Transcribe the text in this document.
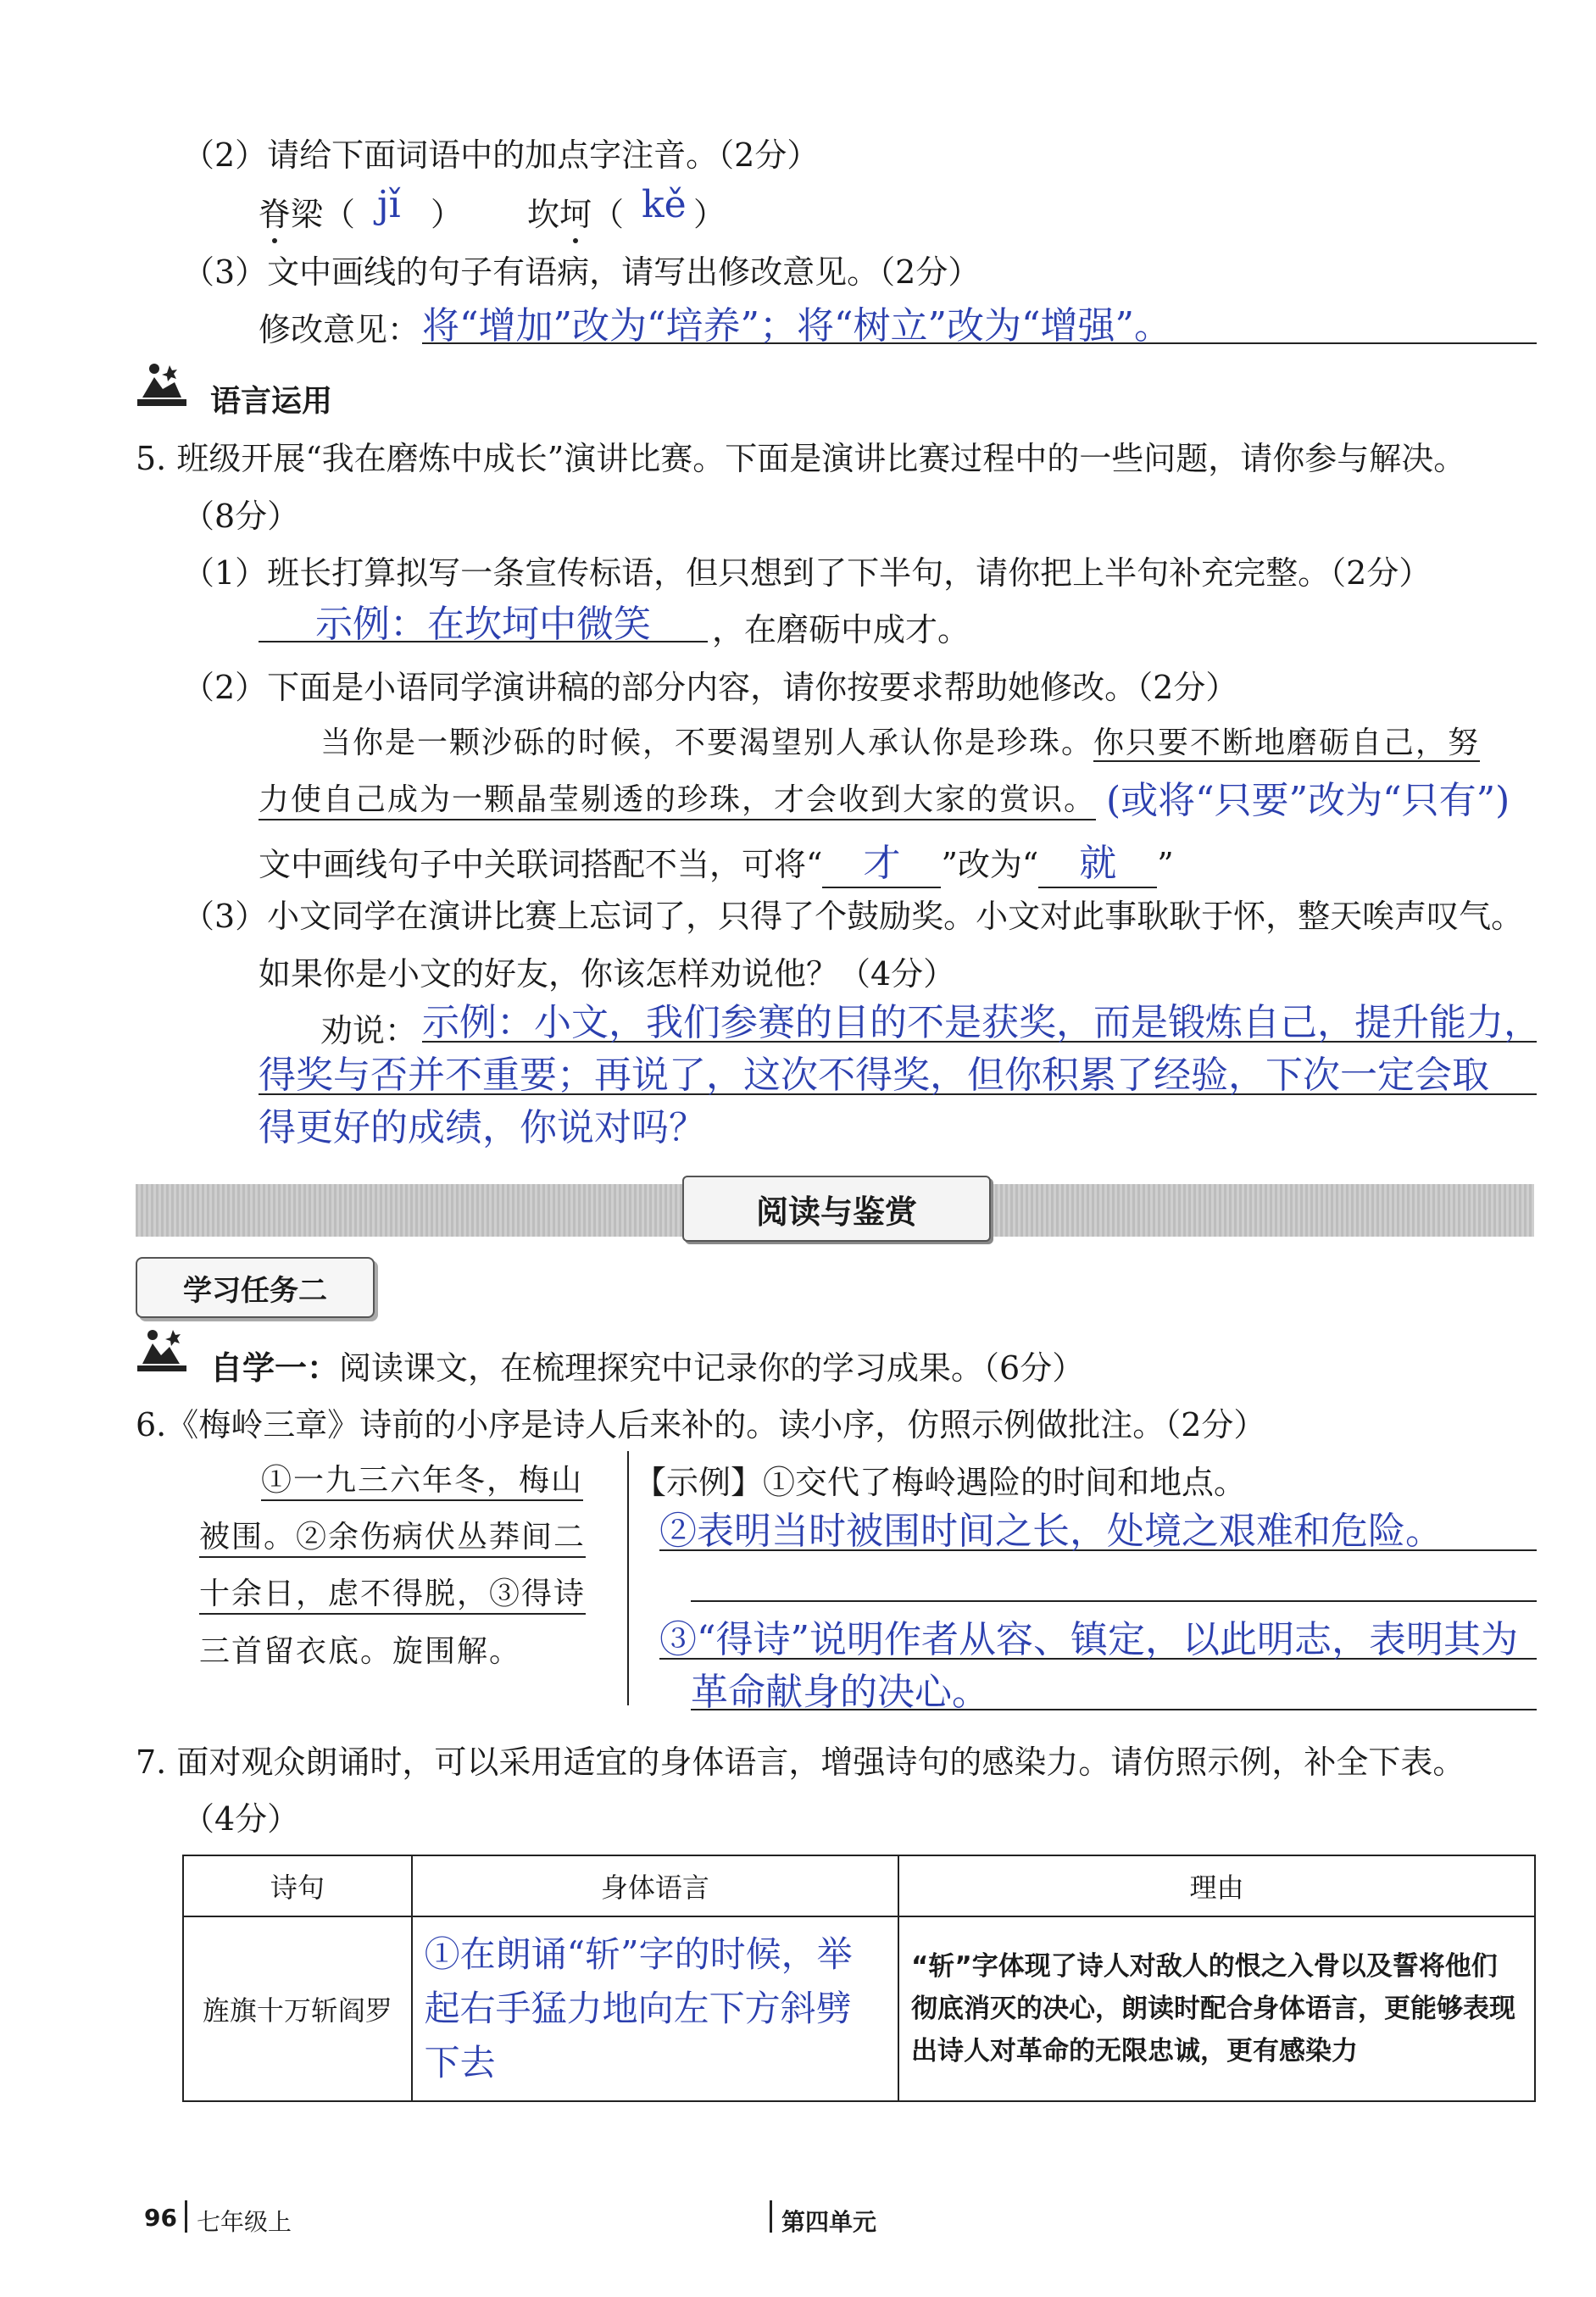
（2）请给下面词语中的加点字注音。（2分）
脊梁（ jǐ ） 坎坷（ kě ）
（3）文中画线的句子有语病，请写出修改意见。（2分）
修改意见： 将“增加”改为“培养”；将“树立”改为“增强”。
语言运用
5. 班级开展“我在磨炼中成长”演讲比赛。下面是演讲比赛过程中的一些问题，请你参与解决。
（8分）
（1）班长打算拟写一条宣传标语，但只想到了下半句，请你把上半句补充完整。（2分）
示例：在坎坷中微笑	，在磨砺中成才。
（2）下面是小语同学演讲稿的部分内容，请你按要求帮助她修改。（2分）
当你是一颗沙砾的时候，不要渴望别人承认你是珍珠。你只要不断地磨砺自己，努
力使自己成为一颗晶莹剔透的珍珠，才会收到大家的赏识。 (或将“只要”改为“只有”)
文中画线句子中关联词搭配不当，可将“ 才 ”改为“ 就 ”
（3）小文同学在演讲比赛上忘词了，只得了个鼓励奖。小文对此事耿耿于怀，整天唉声叹气。
如果你是小文的好友，你该怎样劝说他？（4分）
劝说： 示例：小文，我们参赛的目的不是获奖，而是锻炼自己，提升能力，
得奖与否并不重要；再说了，这次不得奖，但你积累了经验，下次一定会取
得更好的成绩，你说对吗？
阅读与鉴赏
学习任务二
自学一：阅读课文，在梳理探究中记录你的学习成果。（6分）
6.《梅岭三章》诗前的小序是诗人后来补的。读小序，仿照示例做批注。（2分）
①一九三六年冬，梅山
被围。②余伤病伏丛莽间二
十余日，虑不得脱，③得诗
三首留衣底。旋围解。
【示例】①交代了梅岭遇险的时间和地点。
②表明当时被围时间之长，处境之艰难和危险。
③“得诗”说明作者从容、镇定，以此明志，表明其为
革命献身的决心。
7. 面对观众朗诵时，可以采用适宜的身体语言，增强诗句的感染力。请仿照示例，补全下表。
（4分）
诗句	身体语言	理由
旌旗十万斩阎罗	①在朗诵“斩”字的时候，举起右手猛力地向左下方斜劈下去	“斩”字体现了诗人对敌人的恨之入骨以及誓将他们彻底消灭的决心，朗读时配合身体语言，更能够表现出诗人对革命的无限忠诚，更有感染力
96 七年级上	第四单元
